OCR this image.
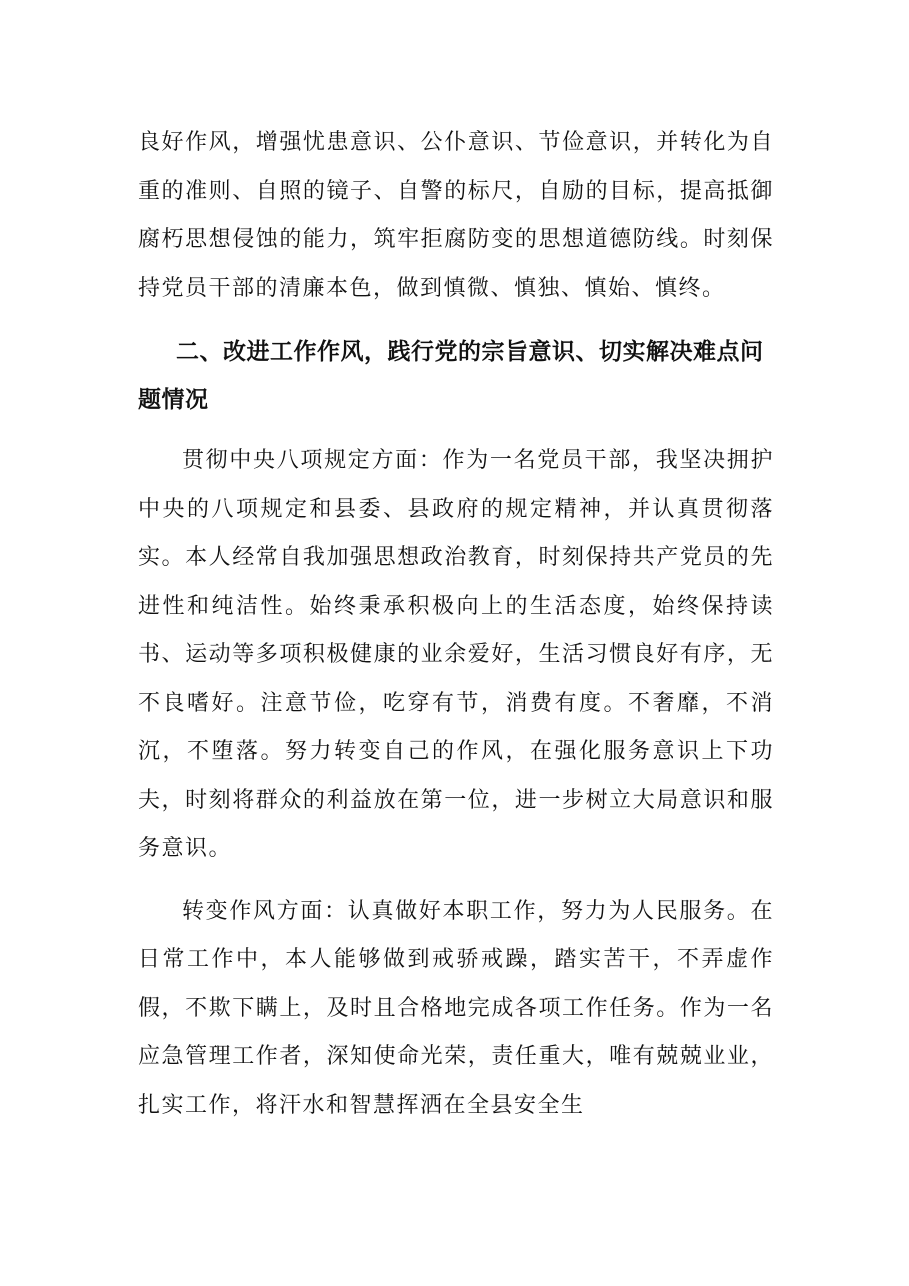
良好作风，增强忧患意识、公仆意识、节俭意识，并转化为自重的准则、自照的镜子、自警的标尺，自励的目标，提高抵御腐朽思想侵蚀的能力，筑牢拒腐防变的思想道德防线。时刻保持党员干部的清廉本色，做到慎微、慎独、慎始、慎终。

二、改进工作作风，践行党的宗旨意识、切实解决难点问题情况

贯彻中央八项规定方面：作为一名党员干部，我坚决拥护中央的八项规定和县委、县政府的规定精神，并认真贯彻落实。本人经常自我加强思想政治教育，时刻保持共产党员的先进性和纯洁性。始终秉承积极向上的生活态度，始终保持读书、运动等多项积极健康的业余爱好，生活习惯良好有序，无不良嗜好。注意节俭，吃穿有节，消费有度。不奢靡，不消沉，不堕落。努力转变自己的作风，在强化服务意识上下功夫，时刻将群众的利益放在第一位，进一步树立大局意识和服务意识。

转变作风方面：认真做好本职工作，努力为人民服务。在日常工作中，本人能够做到戒骄戒躁，踏实苦干，不弄虚作假，不欺下瞒上，及时且合格地完成各项工作任务。作为一名应急管理工作者，深知使命光荣，责任重大，唯有兢兢业业，扎实工作，将汗水和智慧挥洒在全县安全生
